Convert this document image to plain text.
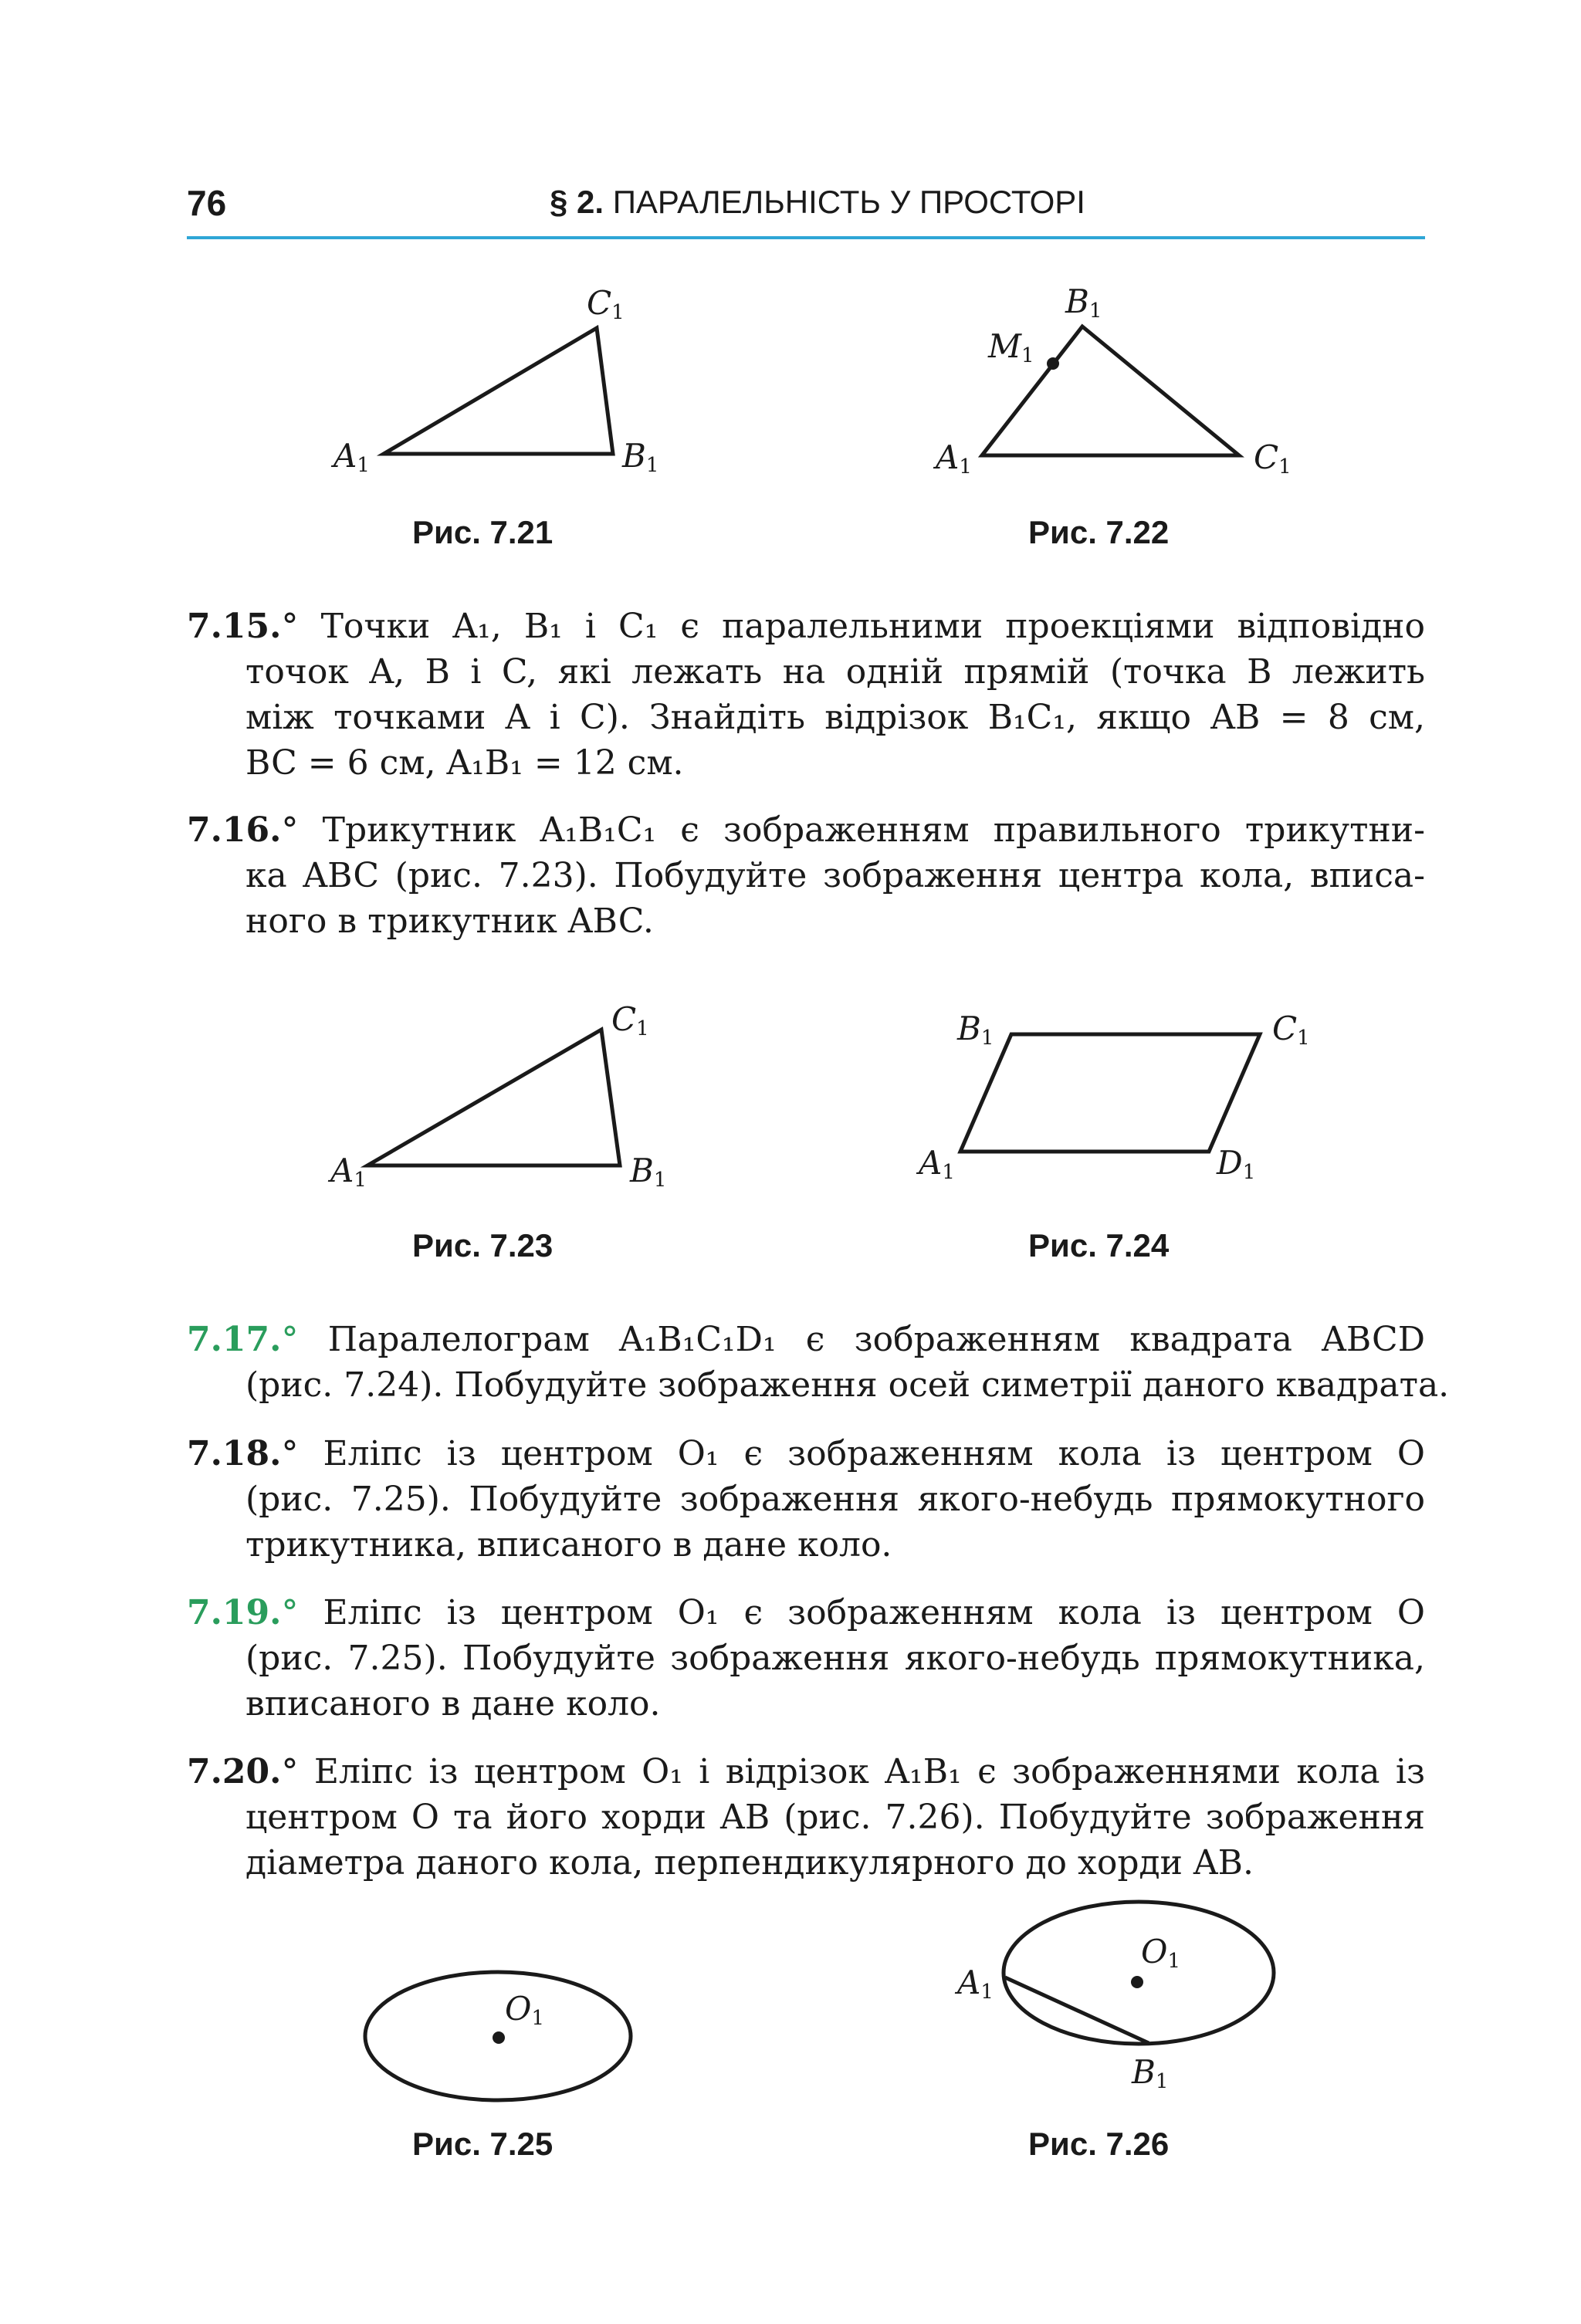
76	§ 2. ПАРАЛЕЛЬНІСТЬ У ПРОСТОРІ
$C_1$
$A_1$	$B_1$
Рис. 7.21
$B_1$
$M_1$
$A_1$	$C_1$
Рис. 7.22
7.15.° Точки A₁, B₁ і C₁ є паралельними проекціями відповідно
точок A, B і C, які лежать на одній прямій (точка B лежить
між точками A і C). Знайдіть відрізок B₁C₁, якщо AB = 8 см,
BC = 6 см, A₁B₁ = 12 см.
7.16.° Трикутник A₁B₁C₁ є зображенням правильного трикутни-
ка ABC (рис. 7.23). Побудуйте зображення центра кола, вписа-
ного в трикутник ABC.
$C_1$
$A_1$	$B_1$
Рис. 7.23
$B_1$	$C_1$
$A_1$	$D_1$
Рис. 7.24
7.17.° Паралелограм A₁B₁C₁D₁ є зображенням квадрата ABCD
(рис. 7.24). Побудуйте зображення осей симетрії даного квадрата.
7.18.° Еліпс із центром O₁ є зображенням кола із центром O
(рис. 7.25). Побудуйте зображення якого-небудь прямокутного
трикутника, вписаного в дане коло.
7.19.° Еліпс із центром O₁ є зображенням кола із центром O
(рис. 7.25). Побудуйте зображення якого-небудь прямокутника,
вписаного в дане коло.
7.20.° Еліпс із центром O₁ і відрізок A₁B₁ є зображеннями кола із
центром O та його хорди AB (рис. 7.26). Побудуйте зображення
діаметра даного кола, перпендикулярного до хорди AB.
$O_1$
Рис. 7.25
$O_1$
$A_1$
$B_1$
Рис. 7.26
